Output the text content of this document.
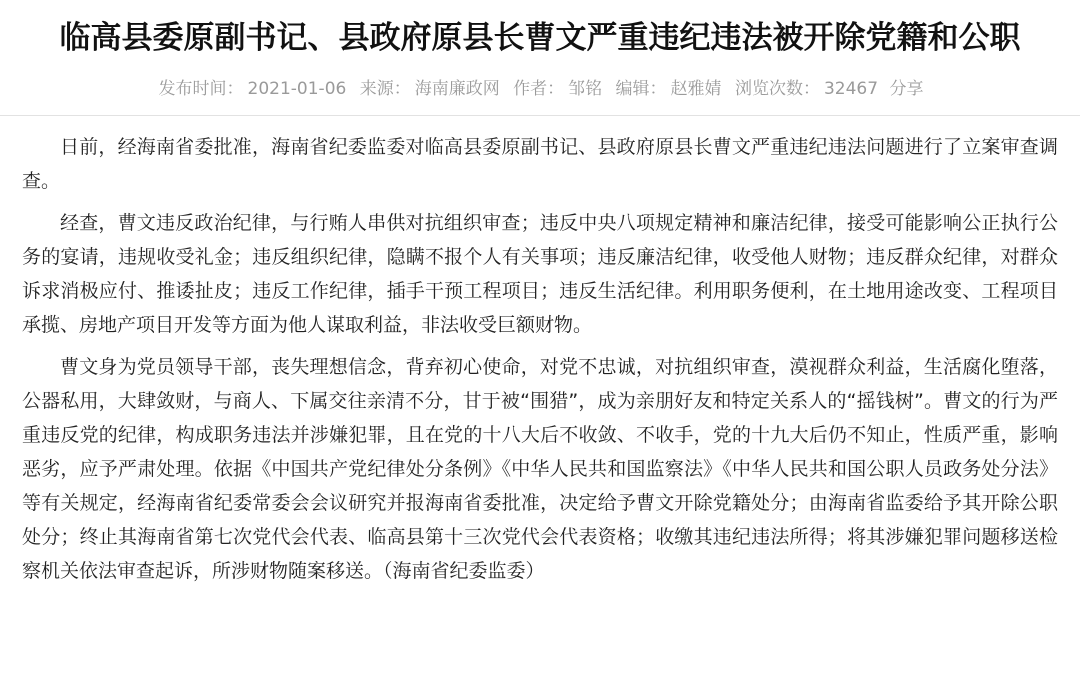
临高县委原副书记、县政府原县长曹文严重违纪违法被开除党籍和公职
发布时间： 2021-01-06 来源： 海南廉政网 作者： 邹铭 编辑： 赵雅婧 浏览次数： 32467 分享

日前，经海南省委批准，海南省纪委监委对临高县委原副书记、县政府原县长曹文严重违纪违法问题进行了立案审查调查。

经查，曹文违反政治纪律，与行贿人串供对抗组织审查；违反中央八项规定精神和廉洁纪律，接受可能影响公正执行公务的宴请，违规收受礼金；违反组织纪律，隐瞒不报个人有关事项；违反廉洁纪律，收受他人财物；违反群众纪律，对群众诉求消极应付、推诿扯皮；违反工作纪律，插手干预工程项目；违反生活纪律。利用职务便利，在土地用途改变、工程项目承揽、房地产项目开发等方面为他人谋取利益，非法收受巨额财物。

曹文身为党员领导干部，丧失理想信念，背弃初心使命，对党不忠诚，对抗组织审查，漠视群众利益，生活腐化堕落，公器私用，大肆敛财，与商人、下属交往亲清不分，甘于被“围猎”，成为亲朋好友和特定关系人的“摇钱树”。曹文的行为严重违反党的纪律，构成职务违法并涉嫌犯罪，且在党的十八大后不收敛、不收手，党的十九大后仍不知止，性质严重，影响恶劣，应予严肃处理。依据《中国共产党纪律处分条例》《中华人民共和国监察法》《中华人民共和国公职人员政务处分法》等有关规定，经海南省纪委常委会会议研究并报海南省委批准，决定给予曹文开除党籍处分；由海南省监委给予其开除公职处分；终止其海南省第七次党代会代表、临高县第十三次党代会代表资格；收缴其违纪违法所得；将其涉嫌犯罪问题移送检察机关依法审查起诉，所涉财物随案移送。（海南省纪委监委）
